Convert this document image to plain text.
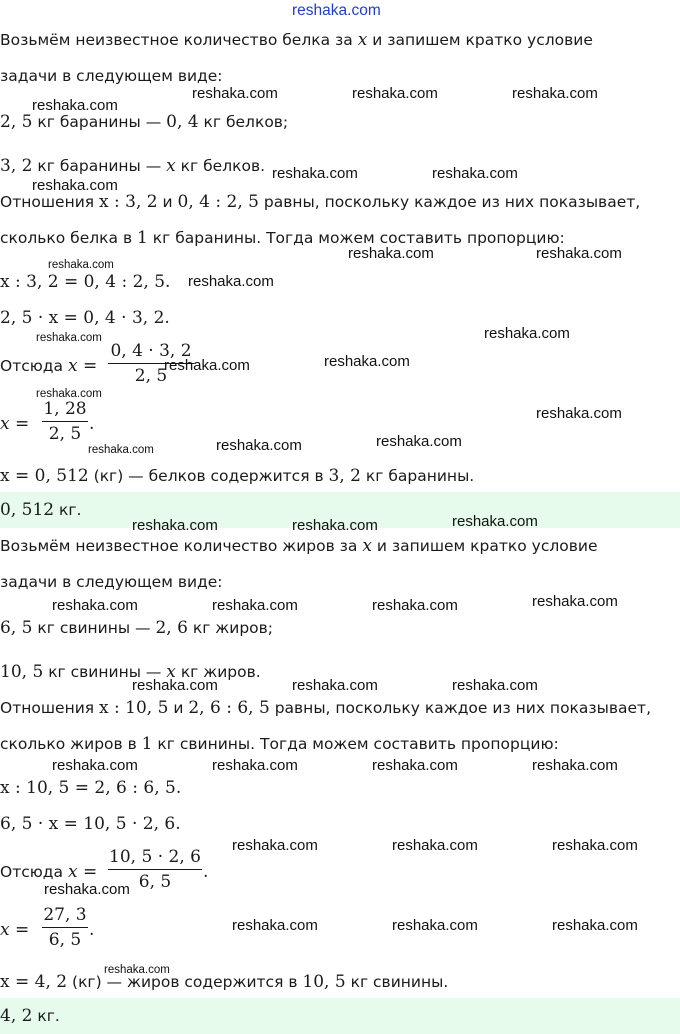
reshaka.com
Возьмём неизвестное количество белка за x и запишем кратко условие
задачи в следующем виде:
2, 5 кг баранины — 0, 4 кг белков;
3, 2 кг баранины — x кг белков.
Отношения x : 3, 2 и 0, 4 : 2, 5 равны, поскольку каждое из них показывает,
сколько белка в 1 кг баранины. Тогда можем составить пропорцию:
x : 3, 2 = 0, 4 : 2, 5.
2, 5 · x = 0, 4 · 3, 2.
Отсюда x =
0, 4 · 3, 2
2, 5
x =
1, 28
2, 5 .
x = 0, 512 (кг) — белков содержится в 3, 2 кг баранины.
0, 512 кг.
Возьмём неизвестное количество жиров за x и запишем кратко условие
задачи в следующем виде:
6, 5 кг свинины — 2, 6 кг жиров;
10, 5 кг свинины — x кг жиров.
Отношения x : 10, 5 и 2, 6 : 6, 5 равны, поскольку каждое из них показывает,
сколько жиров в 1 кг свинины. Тогда можем составить пропорцию:
x : 10, 5 = 2, 6 : 6, 5.
6, 5 · x = 10, 5 · 2, 6.
Отсюда x =
10, 5 · 2, 6
6, 5	.
x =
27, 3
6, 5 .
x = 4, 2 (кг) — жиров содержится в 10, 5 кг свинины.
4, 2 кг.
reshaka.com
reshaka.com	reshaka.com	reshaka.com
reshaka.com	reshaka.com
reshaka.com
reshaka.com
reshaka.com	reshaka.com
reshaka.com
reshaka.com	reshaka.com
reshaka.com	reshaka.com
reshaka.com
reshaka.com
reshaka.com	reshaka.com	reshaka.com
reshaka.com	reshaka.com	reshaka.com
reshaka.com	reshaka.com	reshaka.com	reshaka.com
reshaka.com	reshaka.com	reshaka.com
reshaka.com	reshaka.com	reshaka.com	reshaka.com
reshaka.com	reshaka.com	reshaka.com
reshaka.com
reshaka.com	reshaka.com	reshaka.com
reshaka.com
